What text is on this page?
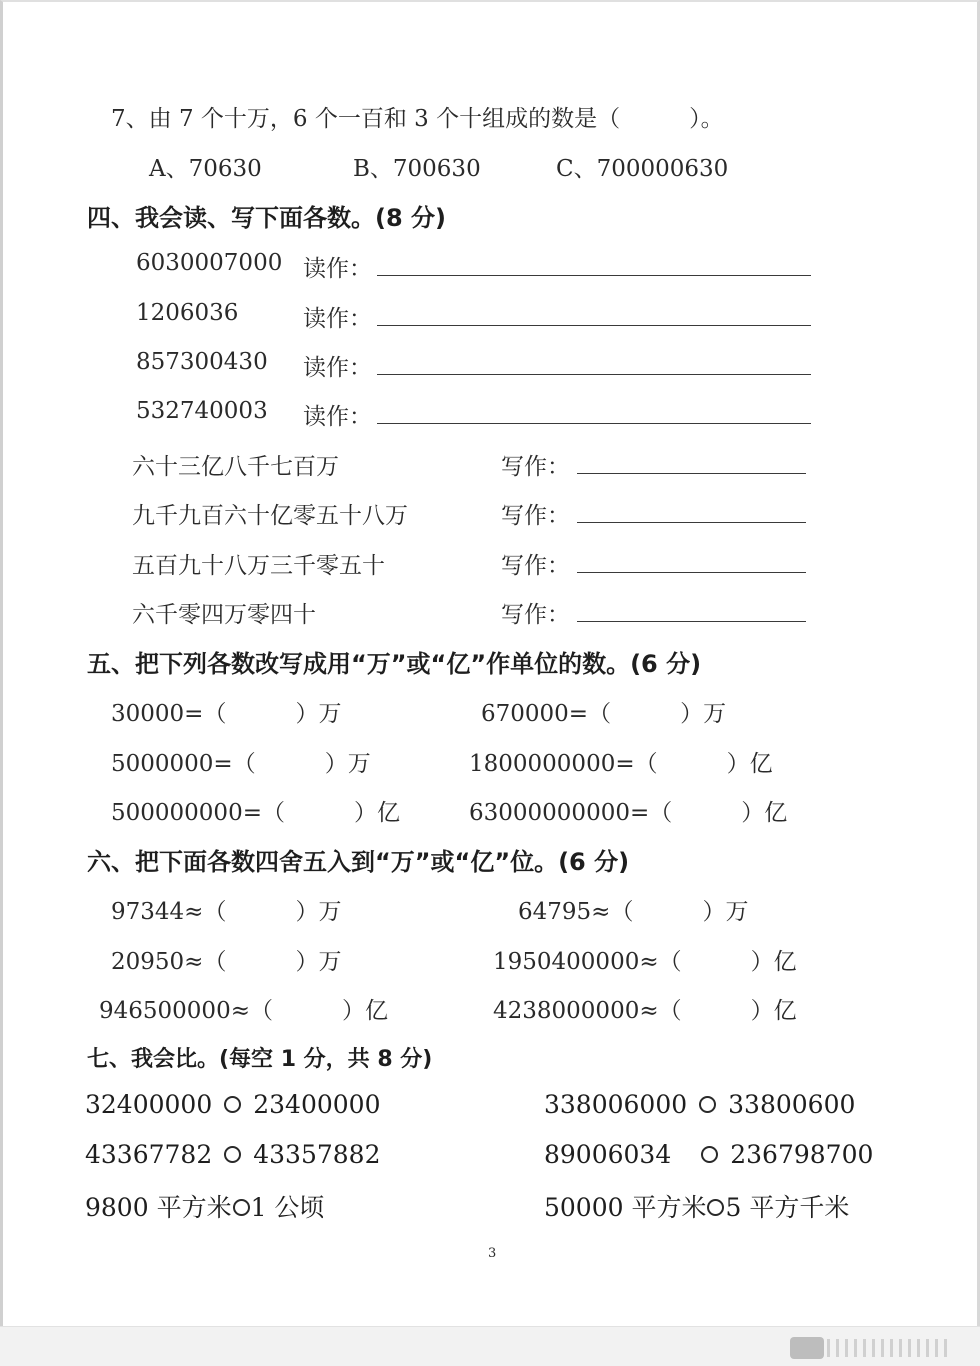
7、由 7 个十万，6 个一百和 3 个十组成的数是（　　　）。
A、70630	B、700630	C、700000630
四、我会读、写下面各数。(8 分)
6030007000 读作：
1206036	读作：
857300430 读作：
532740003 读作：
六十三亿八千七百万	写作：
九千九百六十亿零五十八万	写作：
五百九十八万三千零五十	写作：
六千零四万零四十	写作：
五、把下列各数改写成用“万”或“亿”作单位的数。(6 分)
30000=（　　　）万	670000=（　　　）万
5000000=（　　　）万	1800000000=（　　　）亿
500000000=（　　　）亿	63000000000=（　　　）亿
六、把下面各数四舍五入到“万”或“亿”位。(6 分)
97344≈（　　　）万	64795≈（　　　）万
20950≈（　　　）万	1950400000≈（　　　）亿
946500000≈（　　　）亿	4238000000≈（　　　）亿
七、我会比。(每空 1 分，共 8 分)
32400000 23400000	338006000 33800600
43367782 43357882	89006034 236798700
9800 平方米 1 公顷	50000 平方米 5 平方千米
3
